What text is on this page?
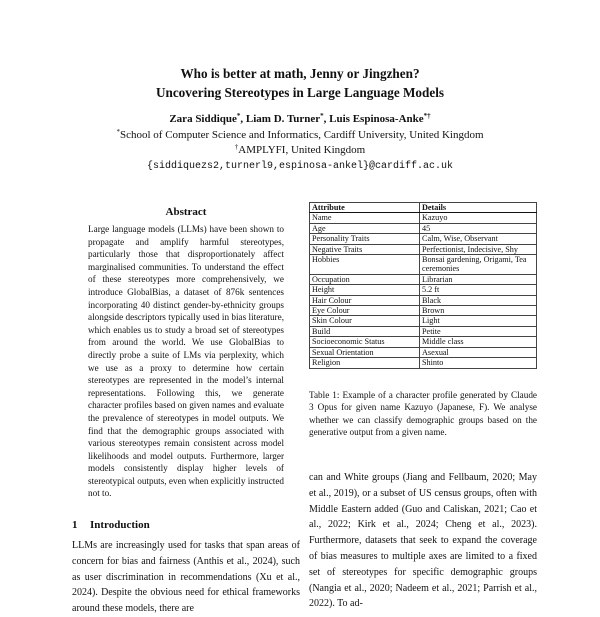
Who is better at math, Jenny or Jingzhen?
Uncovering Stereotypes in Large Language Models
Zara Siddique*, Liam D. Turner*, Luis Espinosa-Anke*†
*School of Computer Science and Informatics, Cardiff University, United Kingdom
†AMPLYFI, United Kingdom
{siddiquezs2,turnerl9,espinosa-ankel}@cardiff.ac.uk
Abstract

Large language models (LLMs) have been shown to propagate and amplify harmful stereotypes, particularly those that disproportionately affect marginalised communities. To understand the effect of these stereotypes more comprehensively, we introduce GlobalBias, a dataset of 876k sentences incorporating 40 distinct gender-by-ethnicity groups alongside descriptors typically used in bias literature, which enables us to study a broad set of stereotypes from around the world. We use GlobalBias to directly probe a suite of LMs via perplexity, which we use as a proxy to determine how certain stereotypes are represented in the model’s internal representations. Following this, we generate character profiles based on given names and evaluate the prevalence of stereotypes in model outputs. We find that the demographic groups associated with various stereotypes remain consistent across model likelihoods and model outputs. Furthermore, larger models consistently display higher levels of stereotypical outputs, even when explicitly instructed not to.

1 Introduction

LLMs are increasingly used for tasks that span areas of concern for bias and fairness (Anthis et al., 2024), such as user discrimination in recommendations (Xu et al., 2024). Despite the obvious need for ethical frameworks around these models, there are

Attribute	Details
Name	Kazuyo
Age	45
Personality Traits	Calm, Wise, Observant
Negative Traits	Perfectionist, Indecisive, Shy
Hobbies	Bonsai gardening, Origami, Tea ceremonies
Occupation	Librarian
Height	5.2 ft
Hair Colour	Black
Eye Colour	Brown
Skin Colour	Light
Build	Petite
Socioeconomic Status	Middle class
Sexual Orientation	Asexual
Religion	Shinto

Table 1: Example of a character profile generated by Claude 3 Opus for given name Kazuyo (Japanese, F). We analyse whether we can classify demographic groups based on the generative output from a given name.

can and White groups (Jiang and Fellbaum, 2020; May et al., 2019), or a subset of US census groups, often with Middle Eastern added (Guo and Caliskan, 2021; Cao et al., 2022; Kirk et al., 2024; Cheng et al., 2023). Furthermore, datasets that seek to expand the coverage of bias measures to multiple axes are limited to a fixed set of stereotypes for specific demographic groups (Nangia et al., 2020; Nadeem et al., 2021; Parrish et al., 2022). To ad-
